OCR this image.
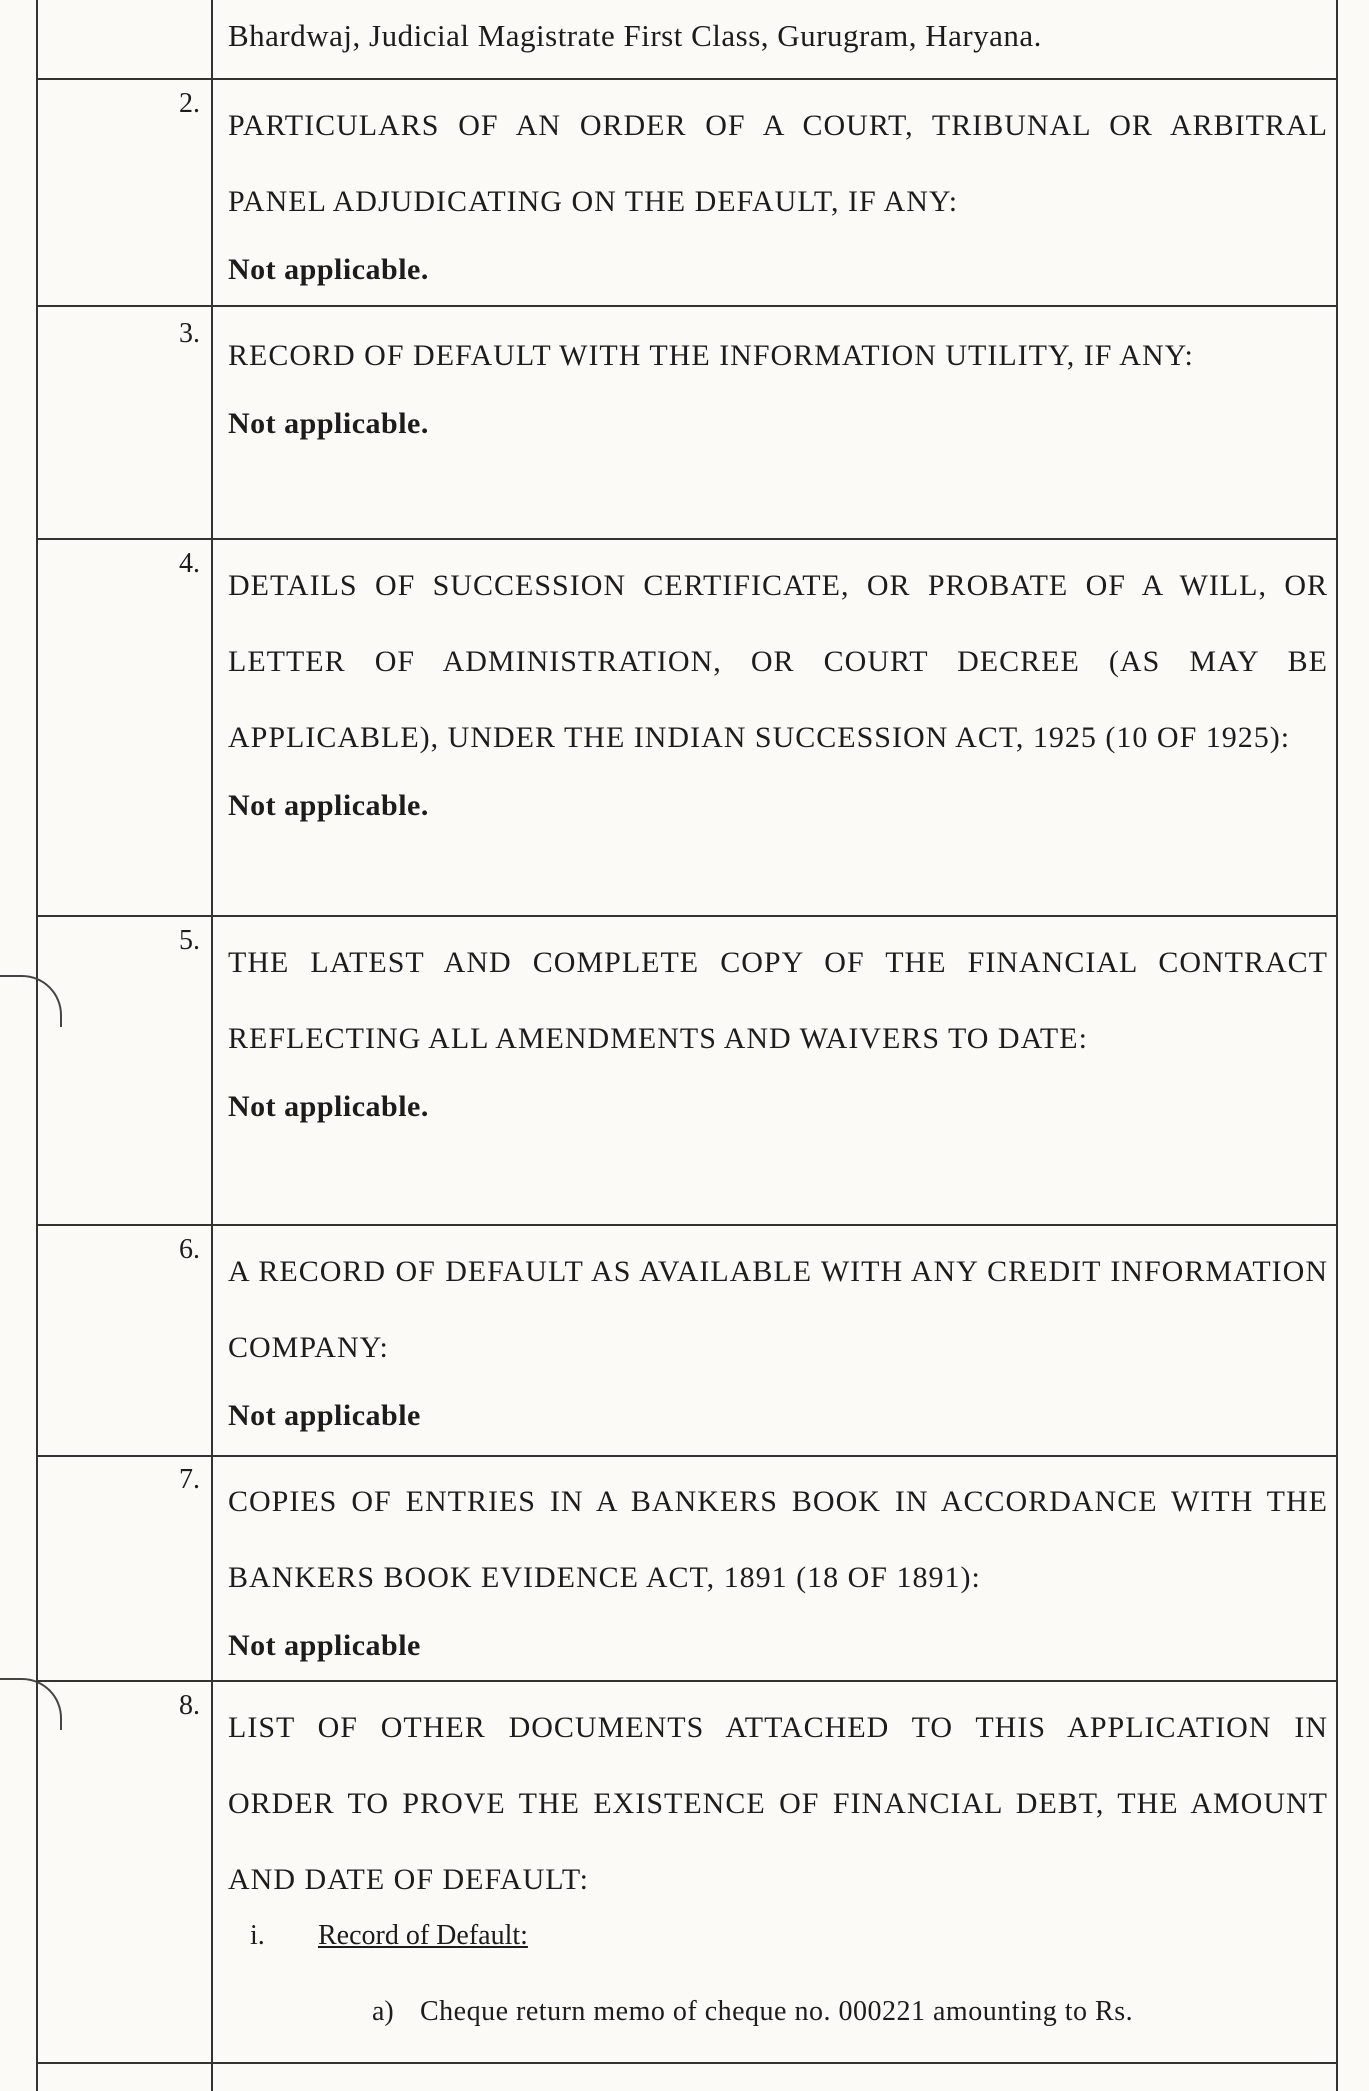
Bhardwaj, Judicial Magistrate First Class, Gurugram, Haryana.
2.
PARTICULARS OF AN ORDER OF A COURT, TRIBUNAL OR ARBITRAL PANEL ADJUDICATING ON THE DEFAULT, IF ANY:
Not applicable.
3.
RECORD OF DEFAULT WITH THE INFORMATION UTILITY, IF ANY:
Not applicable.
4.
DETAILS OF SUCCESSION CERTIFICATE, OR PROBATE OF A WILL, OR LETTER OF ADMINISTRATION, OR COURT DECREE (AS MAY BE APPLICABLE), UNDER THE INDIAN SUCCESSION ACT, 1925 (10 OF 1925):
Not applicable.
5.
THE LATEST AND COMPLETE COPY OF THE FINANCIAL CONTRACT REFLECTING ALL AMENDMENTS AND WAIVERS TO DATE:
Not applicable.
6.
A RECORD OF DEFAULT AS AVAILABLE WITH ANY CREDIT INFORMATION COMPANY:
Not applicable
7.
COPIES OF ENTRIES IN A BANKERS BOOK IN ACCORDANCE WITH THE BANKERS BOOK EVIDENCE ACT, 1891 (18 OF 1891):
Not applicable
8.
LIST OF OTHER DOCUMENTS ATTACHED TO THIS APPLICATION IN ORDER TO PROVE THE EXISTENCE OF FINANCIAL DEBT, THE AMOUNT AND DATE OF DEFAULT:
i. Record of Default:
a) Cheque return memo of cheque no. 000221 amounting to Rs.
